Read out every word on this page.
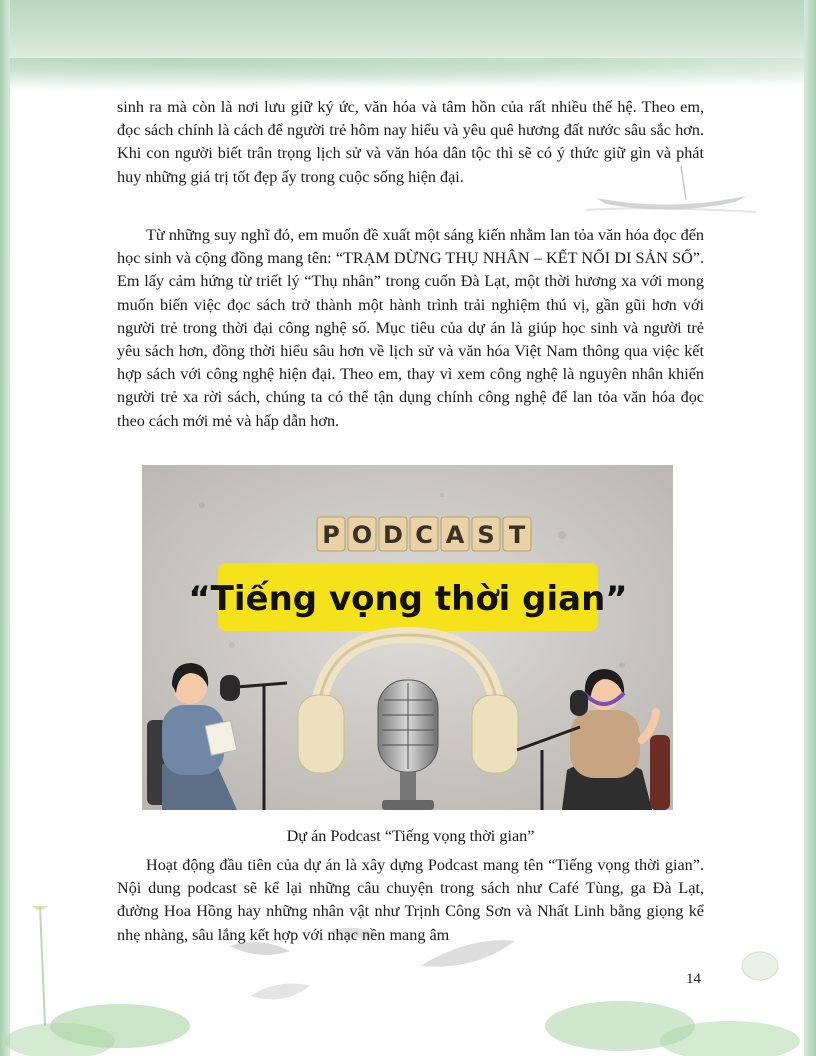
sinh ra mà còn là nơi lưu giữ ký ức, văn hóa và tâm hồn của rất nhiều thế hệ. Theo em, đọc sách chính là cách để người trẻ hôm nay hiểu và yêu quê hương đất nước sâu sắc hơn. Khi con người biết trân trọng lịch sử và văn hóa dân tộc thì sẽ có ý thức giữ gìn và phát huy những giá trị tốt đẹp ấy trong cuộc sống hiện đại.

Từ những suy nghĩ đó, em muốn đề xuất một sáng kiến nhằm lan tỏa văn hóa đọc đến học sinh và cộng đồng mang tên: “TRẠM DỪNG THỤ NHÂN – KẾT NỐI DI SẢN SỐ”. Em lấy cảm hứng từ triết lý “Thụ nhân” trong cuốn Đà Lạt, một thời hương xa với mong muốn biến việc đọc sách trở thành một hành trình trải nghiệm thú vị, gần gũi hơn với người trẻ trong thời đại công nghệ số. Mục tiêu của dự án là giúp học sinh và người trẻ yêu sách hơn, đồng thời hiểu sâu hơn về lịch sử và văn hóa Việt Nam thông qua việc kết hợp sách với công nghệ hiện đại. Theo em, thay vì xem công nghệ là nguyên nhân khiến người trẻ xa rời sách, chúng ta có thể tận dụng chính công nghệ để lan tỏa văn hóa đọc theo cách mới mẻ và hấp dẫn hơn.

P O D C A S T
“Tiếng vọng thời gian”
Dự án Podcast “Tiếng vọng thời gian”

Hoạt động đầu tiên của dự án là xây dựng Podcast mang tên “Tiếng vọng thời gian”. Nội dung podcast sẽ kể lại những câu chuyện trong sách như Café Tùng, ga Đà Lạt, đường Hoa Hồng hay những nhân vật như Trịnh Công Sơn và Nhất Linh bằng giọng kể nhẹ nhàng, sâu lắng kết hợp với nhạc nền mang âm

14
